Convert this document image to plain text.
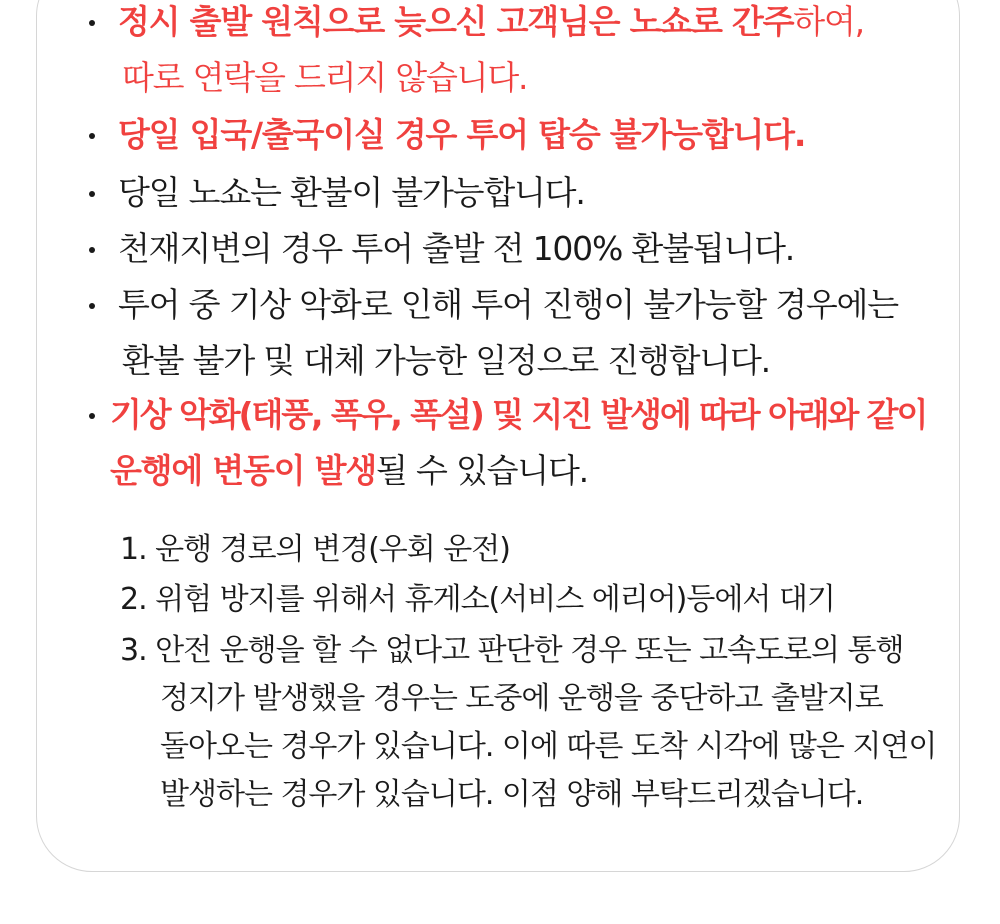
정시 출발 원칙으로 늦으신 고객님은 노쇼로 간주하여,
따로 연락을 드리지 않습니다.
당일 입국/출국이실 경우 투어 탑승 불가능합니다.
당일 노쇼는 환불이 불가능합니다.
천재지변의 경우 투어 출발 전 100% 환불됩니다.
투어 중 기상 악화로 인해 투어 진행이 불가능할 경우에는
환불 불가 및 대체 가능한 일정으로 진행합니다.
기상 악화(태풍, 폭우, 폭설) 및 지진 발생에 따라 아래와 같이
운행에 변동이 발생될 수 있습니다.
1. 운행 경로의 변경(우회 운전)
2. 위험 방지를 위해서 휴게소(서비스 에리어)등에서 대기
3. 안전 운행을 할 수 없다고 판단한 경우 또는 고속도로의 통행
정지가 발생했을 경우는 도중에 운행을 중단하고 출발지로
돌아오는 경우가 있습니다. 이에 따른 도착 시각에 많은 지연이
발생하는 경우가 있습니다. 이점 양해 부탁드리겠습니다.
